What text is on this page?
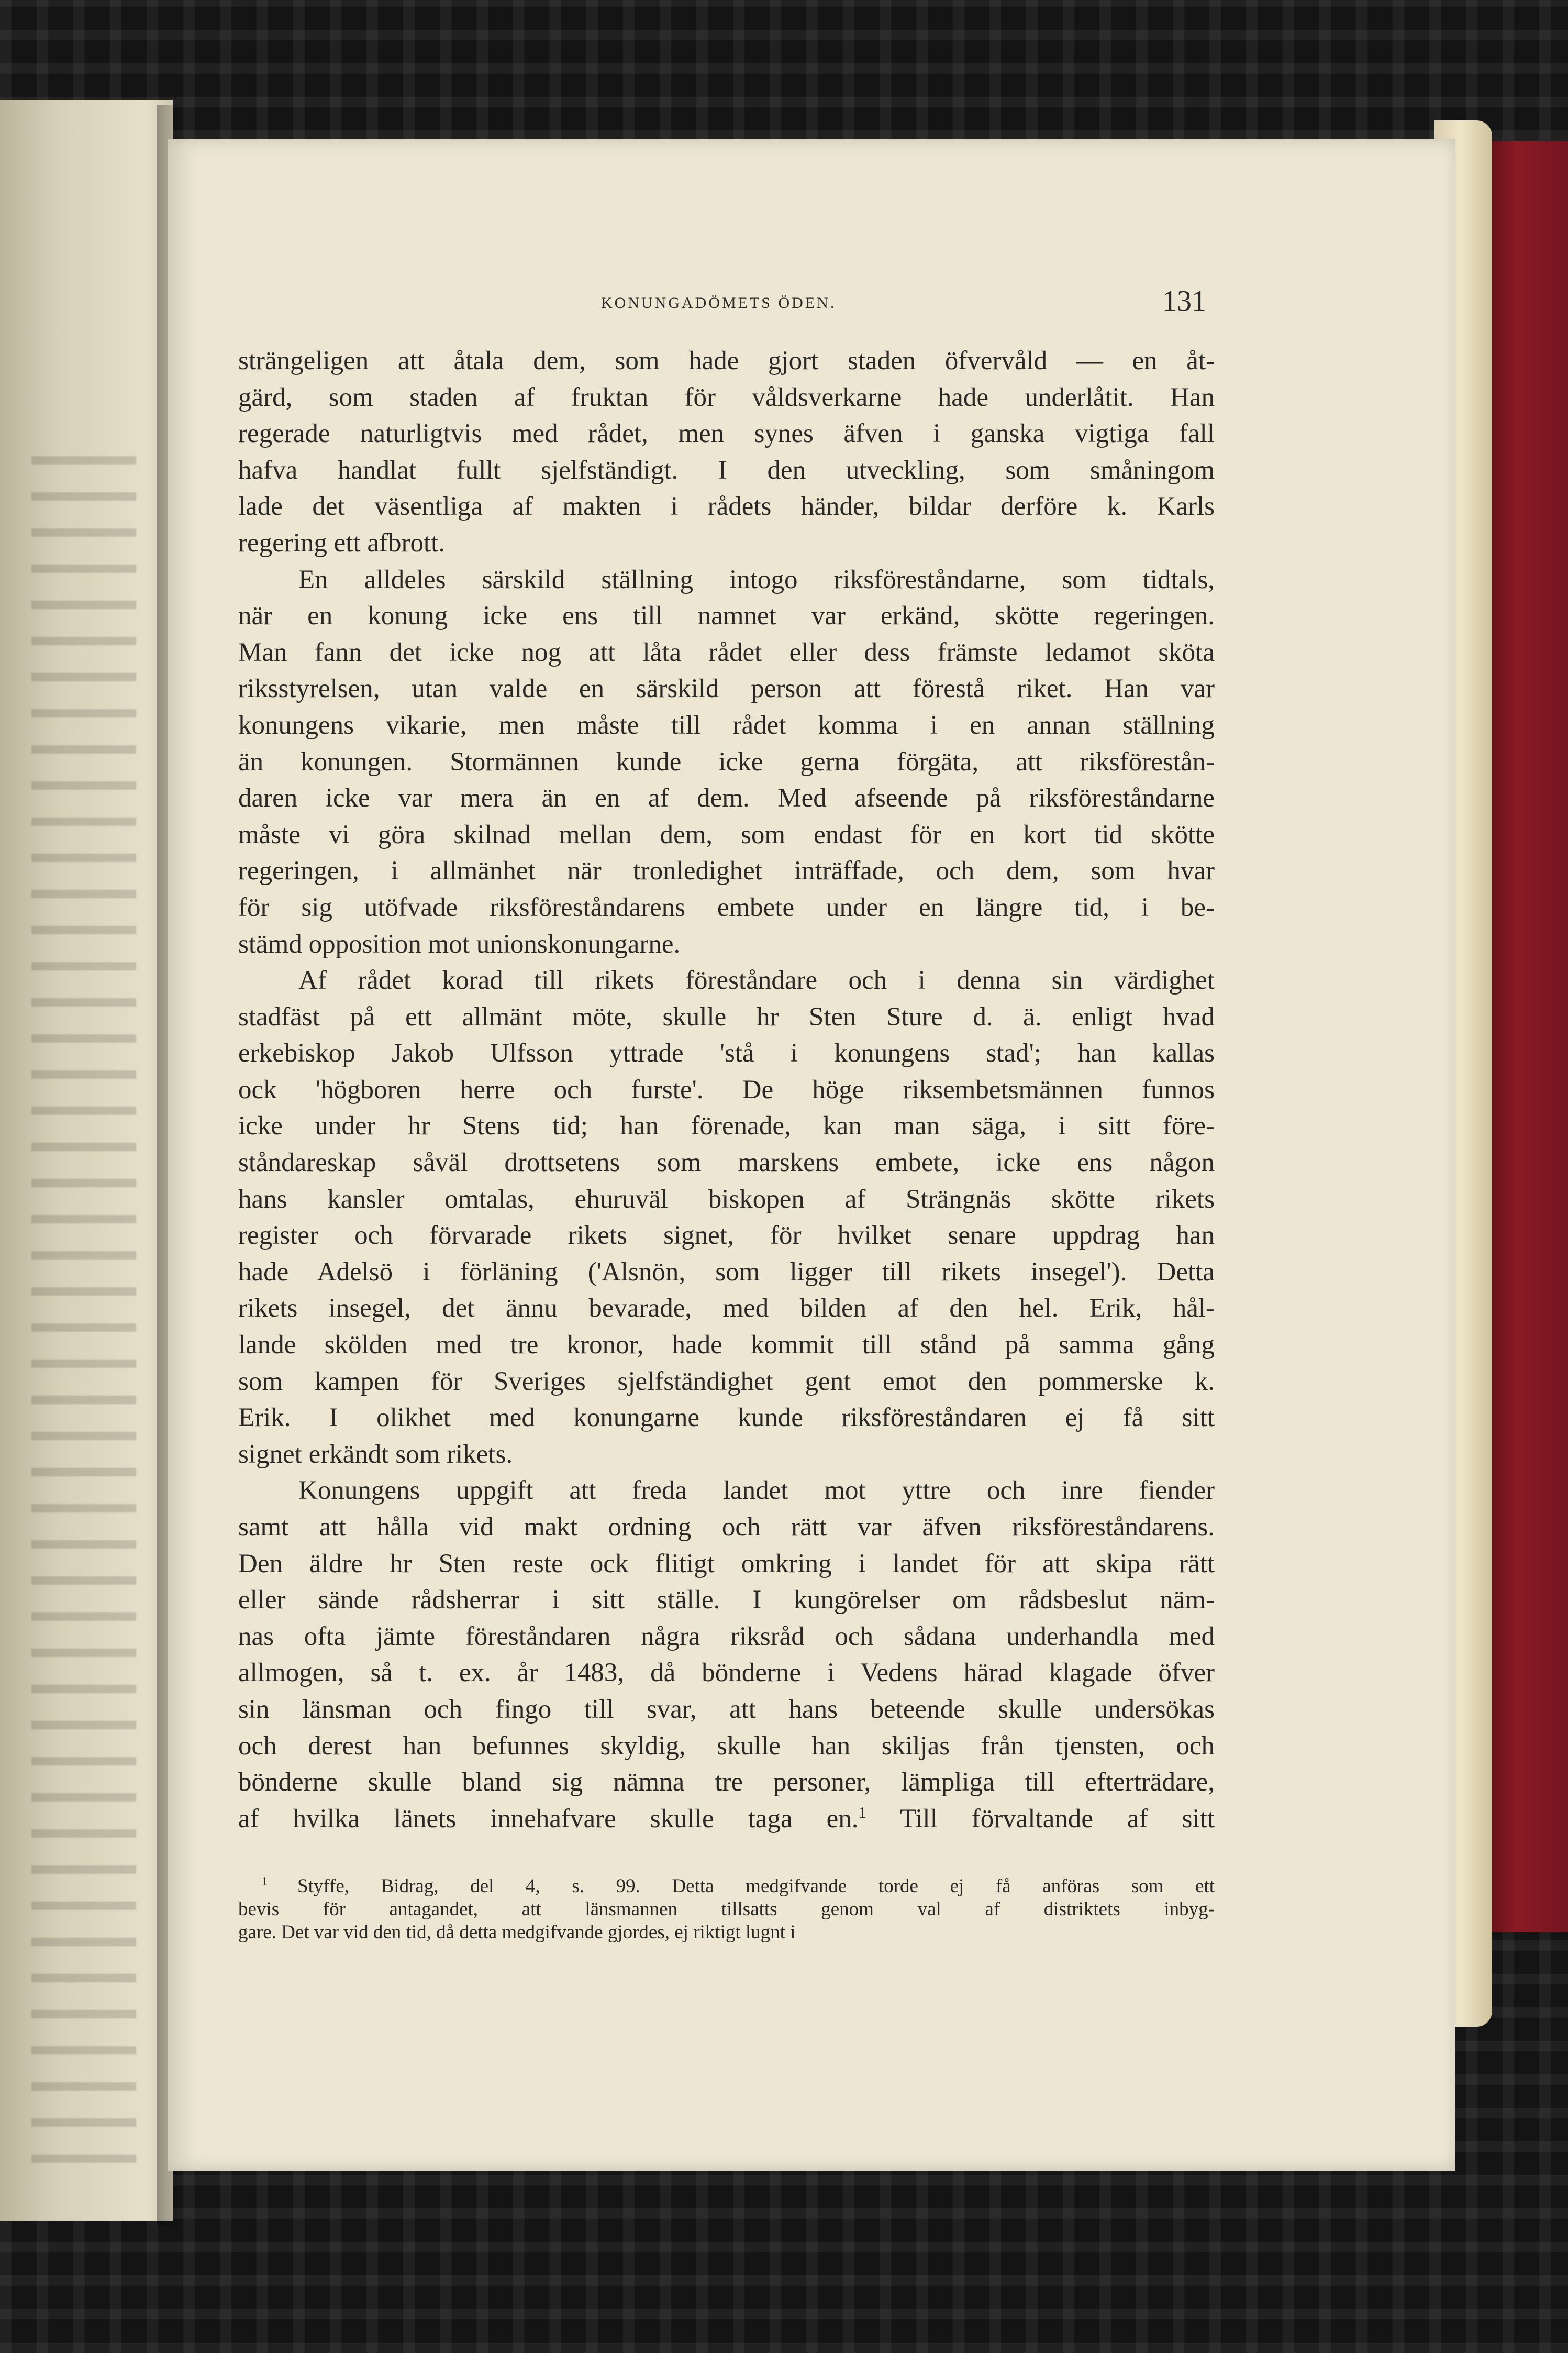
KONUNGADÖMETS ÖDEN.	131
strängeligen att åtala dem, som hade gjort staden öfvervåld — en åt-
gärd, som staden af fruktan för våldsverkarne hade underlåtit. Han
regerade naturligtvis med rådet, men synes äfven i ganska vigtiga fall
hafva handlat fullt sjelfständigt. I den utveckling, som småningom
lade det väsentliga af makten i rådets händer, bildar derföre k. Karls
regering ett afbrott.
En alldeles särskild ställning intogo riksföreståndarne, som tidtals,
när en konung icke ens till namnet var erkänd, skötte regeringen.
Man fann det icke nog att låta rådet eller dess främste ledamot sköta
riksstyrelsen, utan valde en särskild person att förestå riket. Han var
konungens vikarie, men måste till rådet komma i en annan ställning
än konungen. Stormännen kunde icke gerna förgäta, att riksförestån-
daren icke var mera än en af dem. Med afseende på riksföreståndarne
måste vi göra skilnad mellan dem, som endast för en kort tid skötte
regeringen, i allmänhet när tronledighet inträffade, och dem, som hvar
för sig utöfvade riksföreståndarens embete under en längre tid, i be-
stämd opposition mot unionskonungarne.
Af rådet korad till rikets föreståndare och i denna sin värdighet
stadfäst på ett allmänt möte, skulle hr Sten Sture d. ä. enligt hvad
erkebiskop Jakob Ulfsson yttrade 'stå i konungens stad'; han kallas
ock 'högboren herre och furste'. De höge riksembetsmännen funnos
icke under hr Stens tid; han förenade, kan man säga, i sitt före-
ståndareskap såväl drottsetens som marskens embete, icke ens någon
hans kansler omtalas, ehuruväl biskopen af Strängnäs skötte rikets
register och förvarade rikets signet, för hvilket senare uppdrag han
hade Adelsö i förläning ('Alsnön, som ligger till rikets insegel'). Detta
rikets insegel, det ännu bevarade, med bilden af den hel. Erik, hål-
lande skölden med tre kronor, hade kommit till stånd på samma gång
som kampen för Sveriges sjelfständighet gent emot den pommerske k.
Erik. I olikhet med konungarne kunde riksföreståndaren ej få sitt
signet erkändt som rikets.
Konungens uppgift att freda landet mot yttre och inre fiender
samt att hålla vid makt ordning och rätt var äfven riksföreståndarens.
Den äldre hr Sten reste ock flitigt omkring i landet för att skipa rätt
eller sände rådsherrar i sitt ställe. I kungörelser om rådsbeslut näm-
nas ofta jämte föreståndaren några riksråd och sådana underhandla med
allmogen, så t. ex. år 1483, då bönderne i Vedens härad klagade öfver
sin länsman och fingo till svar, att hans beteende skulle undersökas
och derest han befunnes skyldig, skulle han skiljas från tjensten, och
bönderne skulle bland sig nämna tre personer, lämpliga till efterträdare,
af hvilka länets innehafvare skulle taga en.$^1$ Till förvaltande af sitt
$^1$ Styffe, Bidrag, del 4, s. 99. Detta medgifvande torde ej få anföras som ett
bevis för antagandet, att länsmannen tillsatts genom val af distriktets inbyg-
gare. Det var vid den tid, då detta medgifvande gjordes, ej riktigt lugnt i
